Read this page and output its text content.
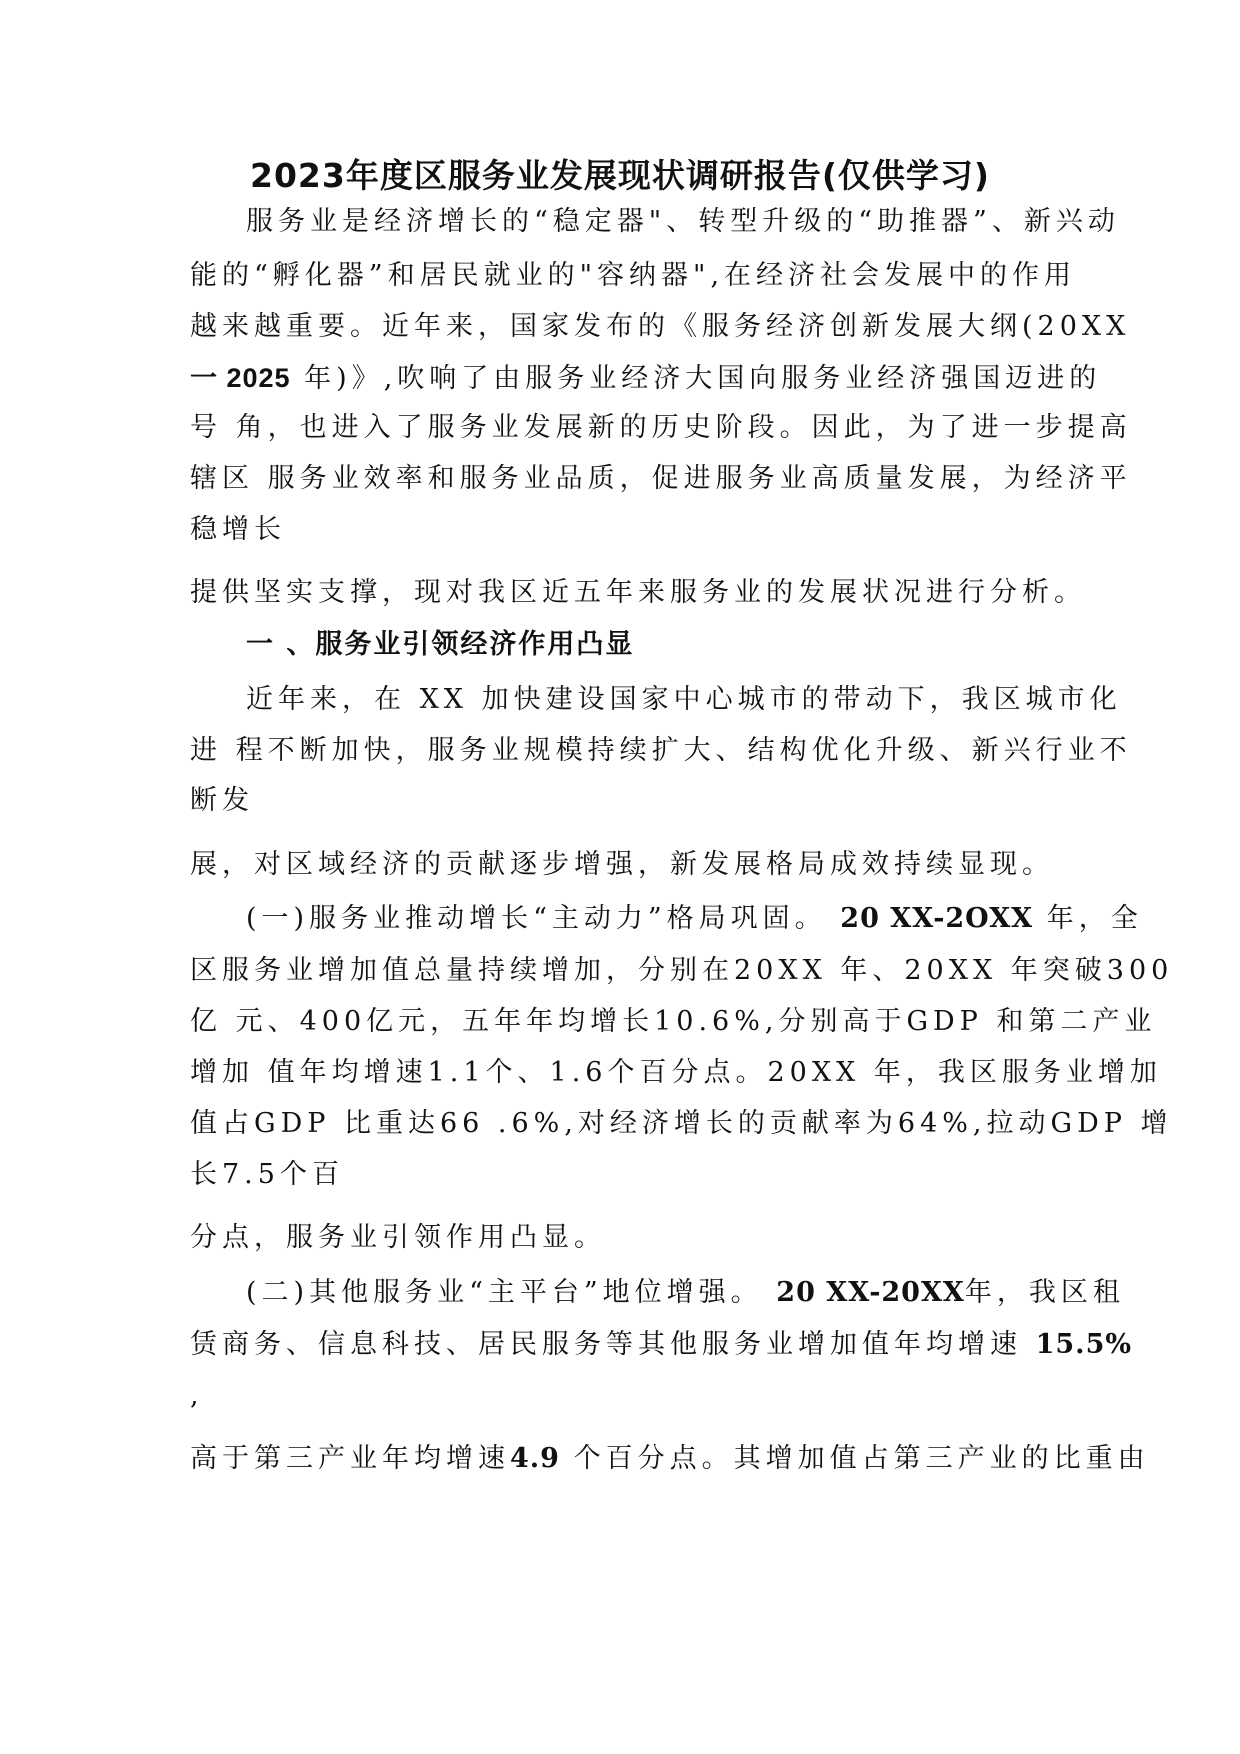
2023年度区服务业发展现状调研报告(仅供学习)
服务业是经济增长的“稳定器"、转型升级的“助推器”、新兴动
能的“孵化器”和居民就业的"容纳器",在经济社会发展中的作用
越来越重要。近年来，国家发布的《服务经济创新发展大纲(20XX
一 2025 年)》,吹响了由服务业经济大国向服务业经济强国迈进的
号 角，也进入了服务业发展新的历史阶段。因此，为了进一步提高
辖区 服务业效率和服务业品质，促进服务业高质量发展，为经济平
稳增长
提供坚实支撑，现对我区近五年来服务业的发展状况进行分析。
一 、服务业引领经济作用凸显
近年来，在 XX 加快建设国家中心城市的带动下，我区城市化
进 程不断加快，服务业规模持续扩大、结构优化升级、新兴行业不
断发
展，对区域经济的贡献逐步增强，新发展格局成效持续显现。
(一)服务业推动增长“主动力”格局巩固。 20 XX-2OXX 年，全
区服务业增加值总量持续增加，分别在20XX 年、20XX 年突破300
亿 元、400亿元，五年年均增长10.6%,分别高于GDP 和第二产业
增加 值年均增速1.1个、1.6个百分点。20XX 年，我区服务业增加
值占GDP 比重达66 .6%,对经济增长的贡献率为64%,拉动GDP 增
长7.5个百
分点，服务业引领作用凸显。
(二)其他服务业“主平台”地位增强。 20 XX-20XX年，我区租
赁商务、信息科技、居民服务等其他服务业增加值年均增速 15.5%
,
高于第三产业年均增速4.9 个百分点。其增加值占第三产业的比重由
